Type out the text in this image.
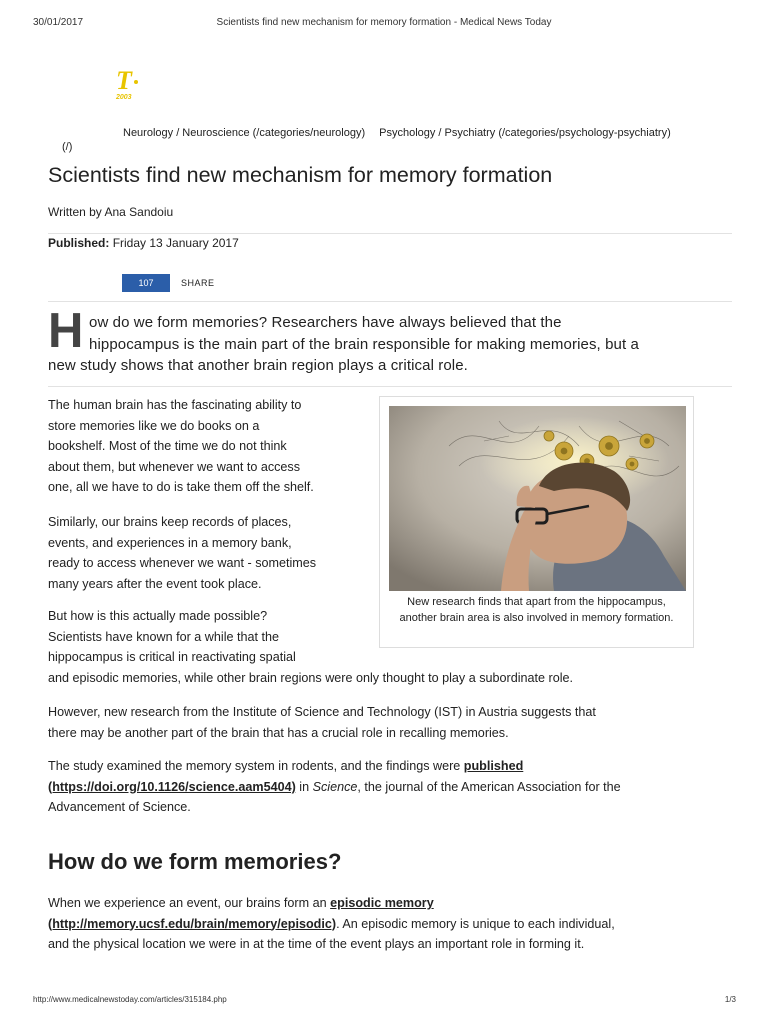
30/01/2017	Scientists find new mechanism for memory formation - Medical News Today
T
2003
Neurology / Neuroscience (/categories/neurology) Psychology / Psychiatry (/categories/psychology-psychiatry)
(/)
Scientists find new mechanism for memory formation
Written by Ana Sandoiu
Published: Friday 13 January 2017
107	SHARE
H ow do we form memories? Researchers have always believed that the
hippocampus is the main part of the brain responsible for making memories, but a
new study shows that another brain region plays a critical role.
The human brain has the fascinating ability to
store memories like we do books on a
bookshelf. Most of the time we do not think
about them, but whenever we want to access
one, all we have to do is take them off the shelf.
Similarly, our brains keep records of places,
events, and experiences in a memory bank,
ready to access whenever we want - sometimes
many years after the event took place.
But how is this actually made possible?
Scientists have known for a while that the
hippocampus is critical in reactivating spatial
and episodic memories, while other brain regions were only thought to play a subordinate role.
New research finds that apart from the hippocampus, another brain area is also involved in memory formation.
However, new research from the Institute of Science and Technology (IST) in Austria suggests that
there may be another part of the brain that has a crucial role in recalling memories.
The study examined the memory system in rodents, and the findings were published
(https://doi.org/10.1126/science.aam5404) in Science, the journal of the American Association for the
Advancement of Science.
How do we form memories?
When we experience an event, our brains form an episodic memory
(http://memory.ucsf.edu/brain/memory/episodic). An episodic memory is unique to each individual,
and the physical location we were in at the time of the event plays an important role in forming it.
http://www.medicalnewstoday.com/articles/315184.php	1/3
